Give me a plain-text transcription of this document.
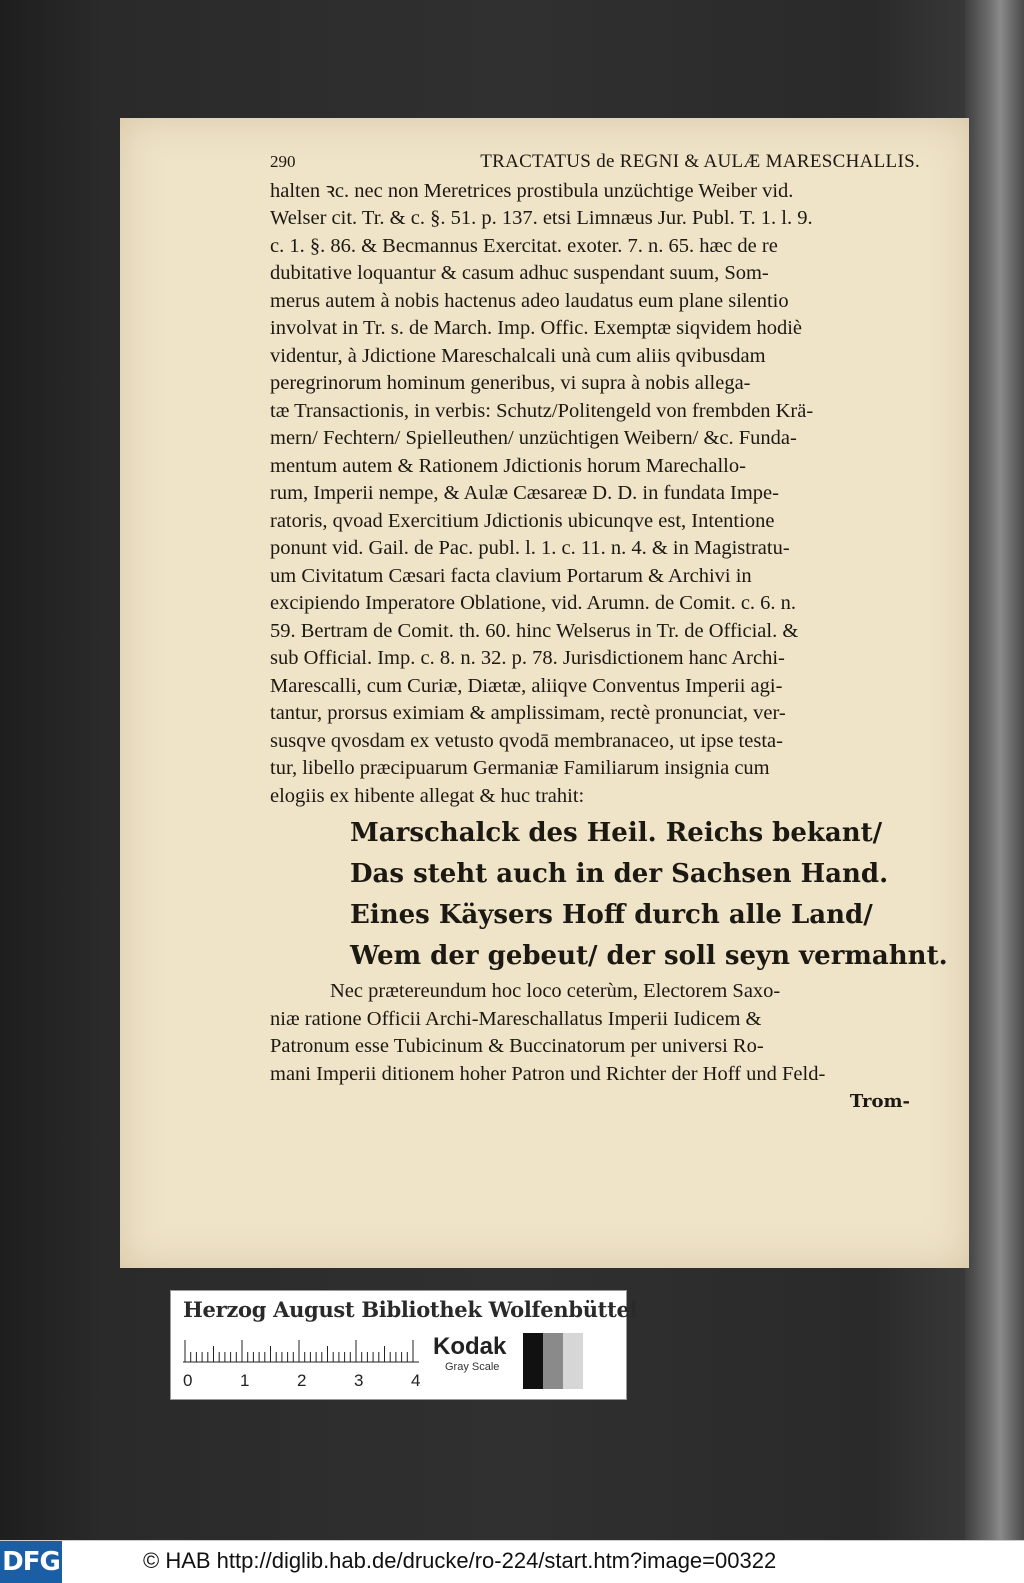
290	TRACTATUS de REGNI & AULÆ MARESCHALLIS.
halten ꝛc. nec non Meretrices prostibula unzüchtige Weiber vid.
Welser cit. Tr. & c. §. 51. p. 137. etsi Limnæus Jur. Publ. T. 1. l. 9.
c. 1. §. 86. & Becmannus Exercitat. exoter. 7. n. 65. hæc de re
dubitative loquantur & casum adhuc suspendant suum, Som-
merus autem à nobis hactenus adeo laudatus eum plane silentio
involvat in Tr. s. de March. Imp. Offic. Exemptæ siqvidem hodiè
videntur, à Jdictione Mareschalcali unà cum aliis qvibusdam
peregrinorum hominum generibus, vi supra à nobis allega-
tæ Transactionis, in verbis: Schutz/Politengeld von frembden Krä-
mern/ Fechtern/ Spielleuthen/ unzüchtigen Weibern/ &c. Funda-
mentum autem & Rationem Jdictionis horum Marechallo-
rum, Imperii nempe, & Aulæ Cæsareæ D. D. in fundata Impe-
ratoris, qvoad Exercitium Jdictionis ubicunqve est, Intentione
ponunt vid. Gail. de Pac. publ. l. 1. c. 11. n. 4. & in Magistratu-
um Civitatum Cæsari facta clavium Portarum & Archivi in
excipiendo Imperatore Oblatione, vid. Arumn. de Comit. c. 6. n.
59. Bertram de Comit. th. 60. hinc Welserus in Tr. de Official. &
sub Official. Imp. c. 8. n. 32. p. 78. Jurisdictionem hanc Archi-
Marescalli, cum Curiæ, Diætæ, aliiqve Conventus Imperii agi-
tantur, prorsus eximiam & amplissimam, rectè pronunciat, ver-
susqve qvosdam ex vetusto qvodā membranaceo, ut ipse testa-
tur, libello præcipuarum Germaniæ Familiarum insignia cum
elogiis ex hibente allegat & huc trahit:
Marschalck des Heil. Reichs bekant/
Das steht auch in der Sachsen Hand.
Eines Käysers Hoff durch alle Land/
Wem der gebeut/ der soll seyn vermahnt.
Nec prætereundum hoc loco ceterùm, Electorem Saxo-
niæ ratione Officii Archi-Mareschallatus Imperii Iudicem &
Patronum esse Tubicinum & Buccinatorum per universi Ro-
mani Imperii ditionem hoher Patron und Richter der Hoff und Feld-
Trom-
Herzog August Bibliothek Wolfenbüttel
0	1	2	3	4
Kodak
Gray Scale
DFG	© HAB http://diglib.hab.de/drucke/ro-224/start.htm?image=00322
